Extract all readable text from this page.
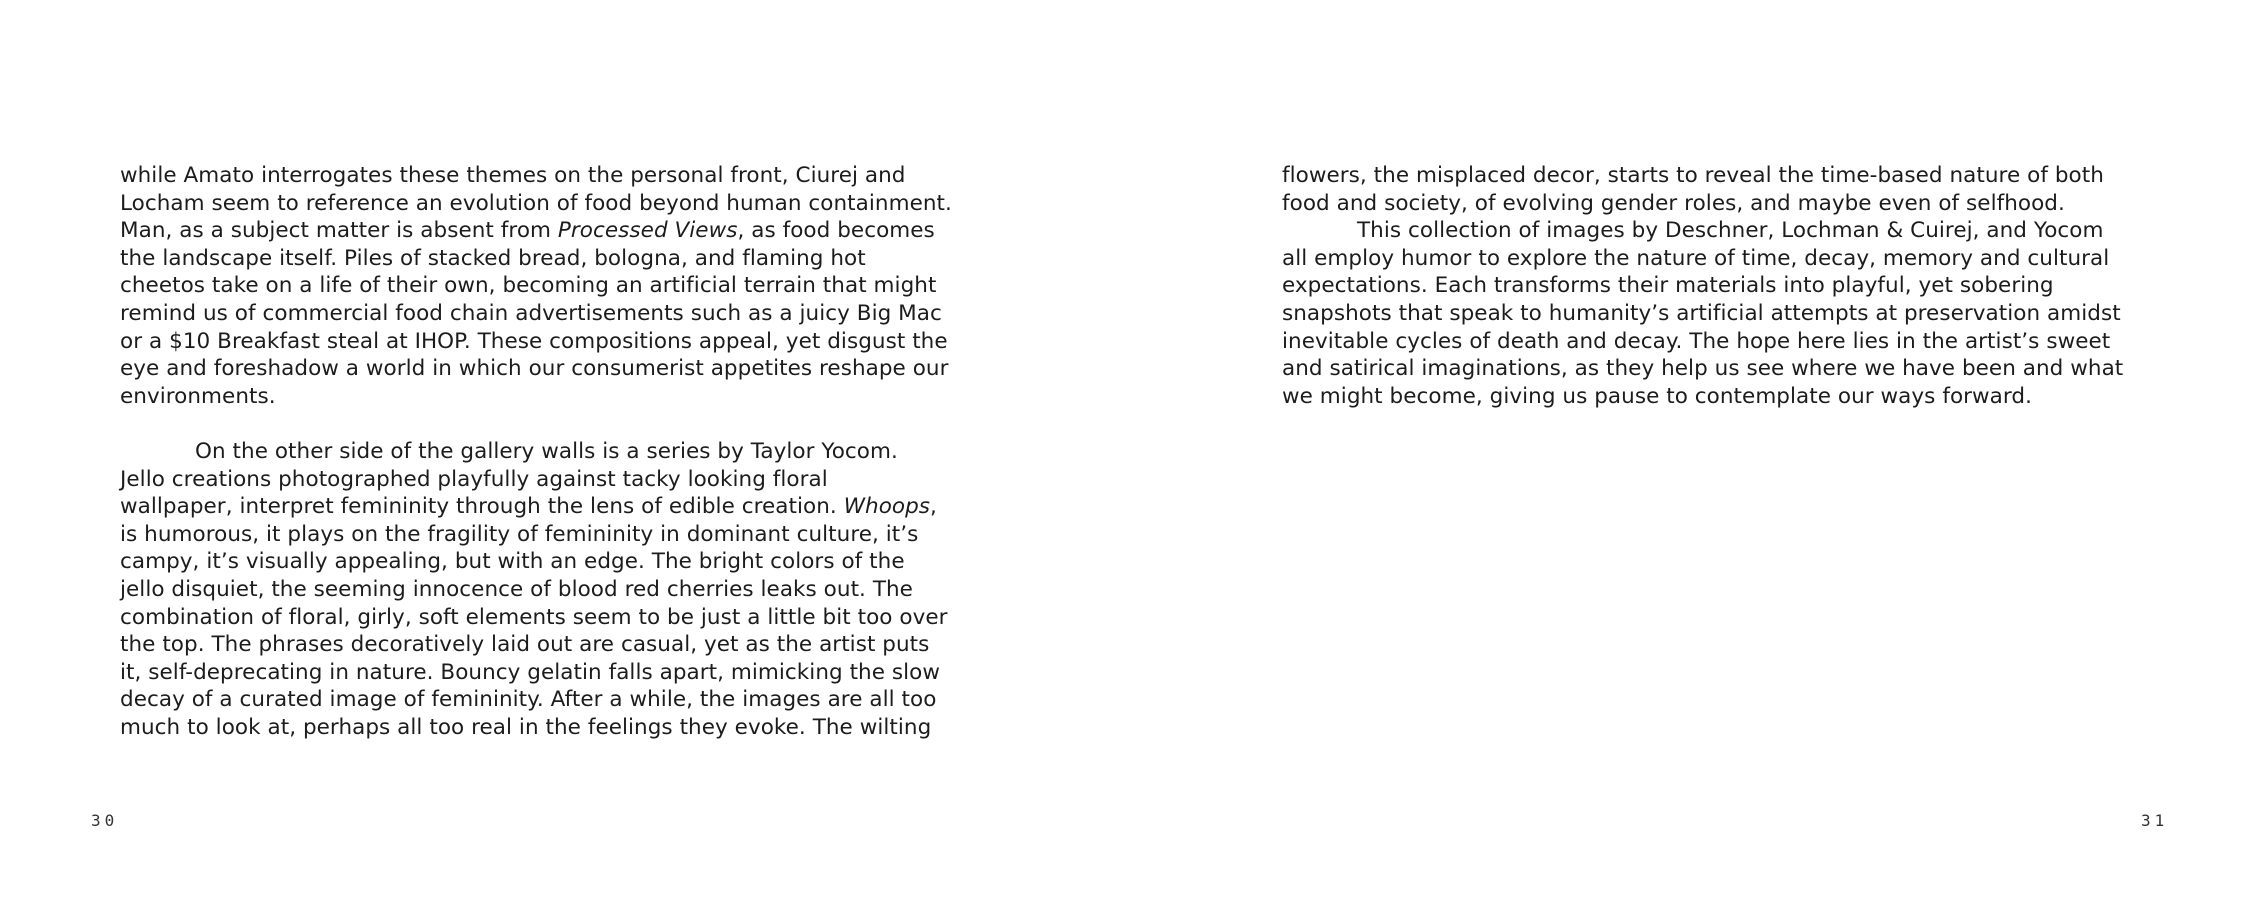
while Amato interrogates these themes on the personal front, Ciurej and
Locham seem to reference an evolution of food beyond human containment.
Man, as a subject matter is absent from Processed Views, as food becomes
the landscape itself. Piles of stacked bread, bologna, and flaming hot
cheetos take on a life of their own, becoming an artificial terrain that might
remind us of commercial food chain advertisements such as a juicy Big Mac
or a $10 Breakfast steal at IHOP. These compositions appeal, yet disgust the
eye and foreshadow a world in which our consumerist appetites reshape our
environments.
On the other side of the gallery walls is a series by Taylor Yocom.
Jello creations photographed playfully against tacky looking floral
wallpaper, interpret femininity through the lens of edible creation. Whoops,
is humorous, it plays on the fragility of femininity in dominant culture, it’s
campy, it’s visually appealing, but with an edge. The bright colors of the
jello disquiet, the seeming innocence of blood red cherries leaks out. The
combination of floral, girly, soft elements seem to be just a little bit too over
the top. The phrases decoratively laid out are casual, yet as the artist puts
it, self-deprecating in nature. Bouncy gelatin falls apart, mimicking the slow
decay of a curated image of femininity. After a while, the images are all too
much to look at, perhaps all too real in the feelings they evoke. The wilting
30
flowers, the misplaced decor, starts to reveal the time-based nature of both
food and society, of evolving gender roles, and maybe even of selfhood.
This collection of images by Deschner, Lochman & Cuirej, and Yocom
all employ humor to explore the nature of time, decay, memory and cultural
expectations. Each transforms their materials into playful, yet sobering
snapshots that speak to humanity’s artificial attempts at preservation amidst
inevitable cycles of death and decay. The hope here lies in the artist’s sweet
and satirical imaginations, as they help us see where we have been and what
we might become, giving us pause to contemplate our ways forward.
31
